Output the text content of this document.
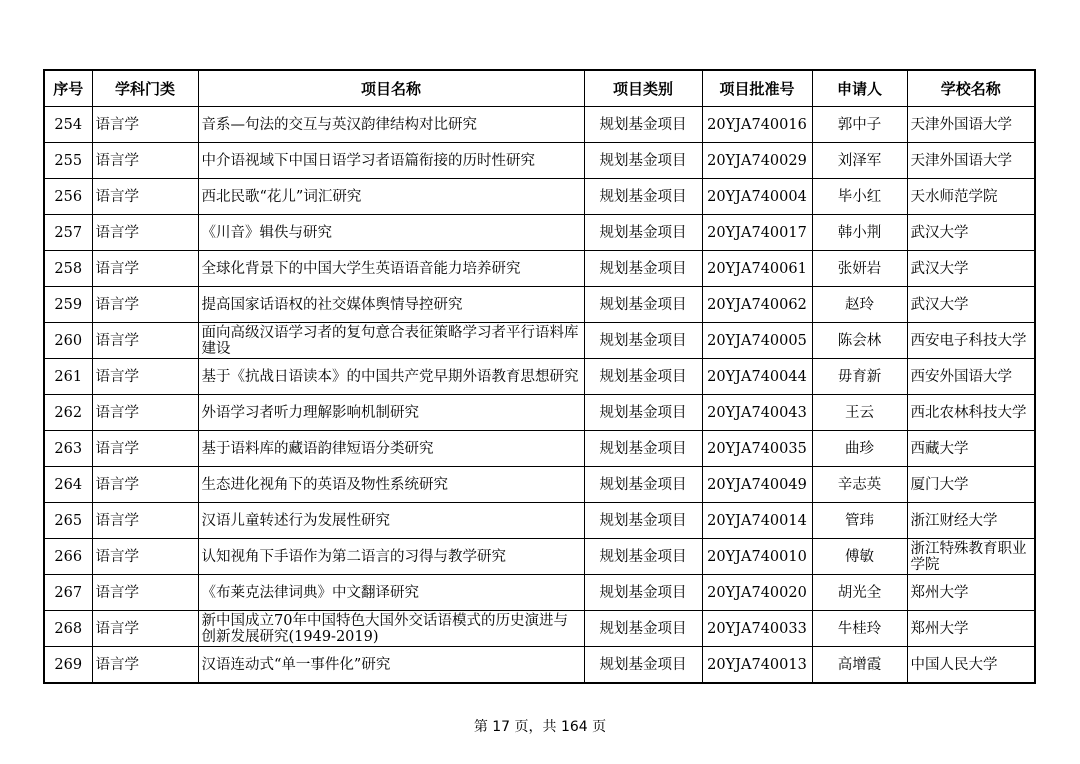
序号	学科门类	项目名称	项目类别	项目批准号	申请人	学校名称
254	语言学	音系—句法的交互与英汉韵律结构对比研究	规划基金项目	20YJA740016	郭中子	天津外国语大学
255	语言学	中介语视域下中国日语学习者语篇衔接的历时性研究	规划基金项目	20YJA740029	刘泽军	天津外国语大学
256	语言学	西北民歌“花儿”词汇研究	规划基金项目	20YJA740004	毕小红	天水师范学院
257	语言学	《川音》辑佚与研究	规划基金项目	20YJA740017	韩小荆	武汉大学
258	语言学	全球化背景下的中国大学生英语语音能力培养研究	规划基金项目	20YJA740061	张妍岩	武汉大学
259	语言学	提高国家话语权的社交媒体舆情导控研究	规划基金项目	20YJA740062	赵玲	武汉大学
260	语言学	面向高级汉语学习者的复句意合表征策略学习者平行语料库建设	规划基金项目	20YJA740005	陈会林	西安电子科技大学
261	语言学	基于《抗战日语读本》的中国共产党早期外语教育思想研究	规划基金项目	20YJA740044	毋育新	西安外国语大学
262	语言学	外语学习者听力理解影响机制研究	规划基金项目	20YJA740043	王云	西北农林科技大学
263	语言学	基于语料库的藏语韵律短语分类研究	规划基金项目	20YJA740035	曲珍	西藏大学
264	语言学	生态进化视角下的英语及物性系统研究	规划基金项目	20YJA740049	辛志英	厦门大学
265	语言学	汉语儿童转述行为发展性研究	规划基金项目	20YJA740014	管玮	浙江财经大学
266	语言学	认知视角下手语作为第二语言的习得与教学研究	规划基金项目	20YJA740010	傅敏	浙江特殊教育职业学院
267	语言学	《布莱克法律词典》中文翻译研究	规划基金项目	20YJA740020	胡光全	郑州大学
268	语言学	新中国成立70年中国特色大国外交话语模式的历史演进与创新发展研究(1949-2019)	规划基金项目	20YJA740033	牛桂玲	郑州大学
269	语言学	汉语连动式“单一事件化”研究	规划基金项目	20YJA740013	高增霞	中国人民大学
第 17 页，共 164 页
